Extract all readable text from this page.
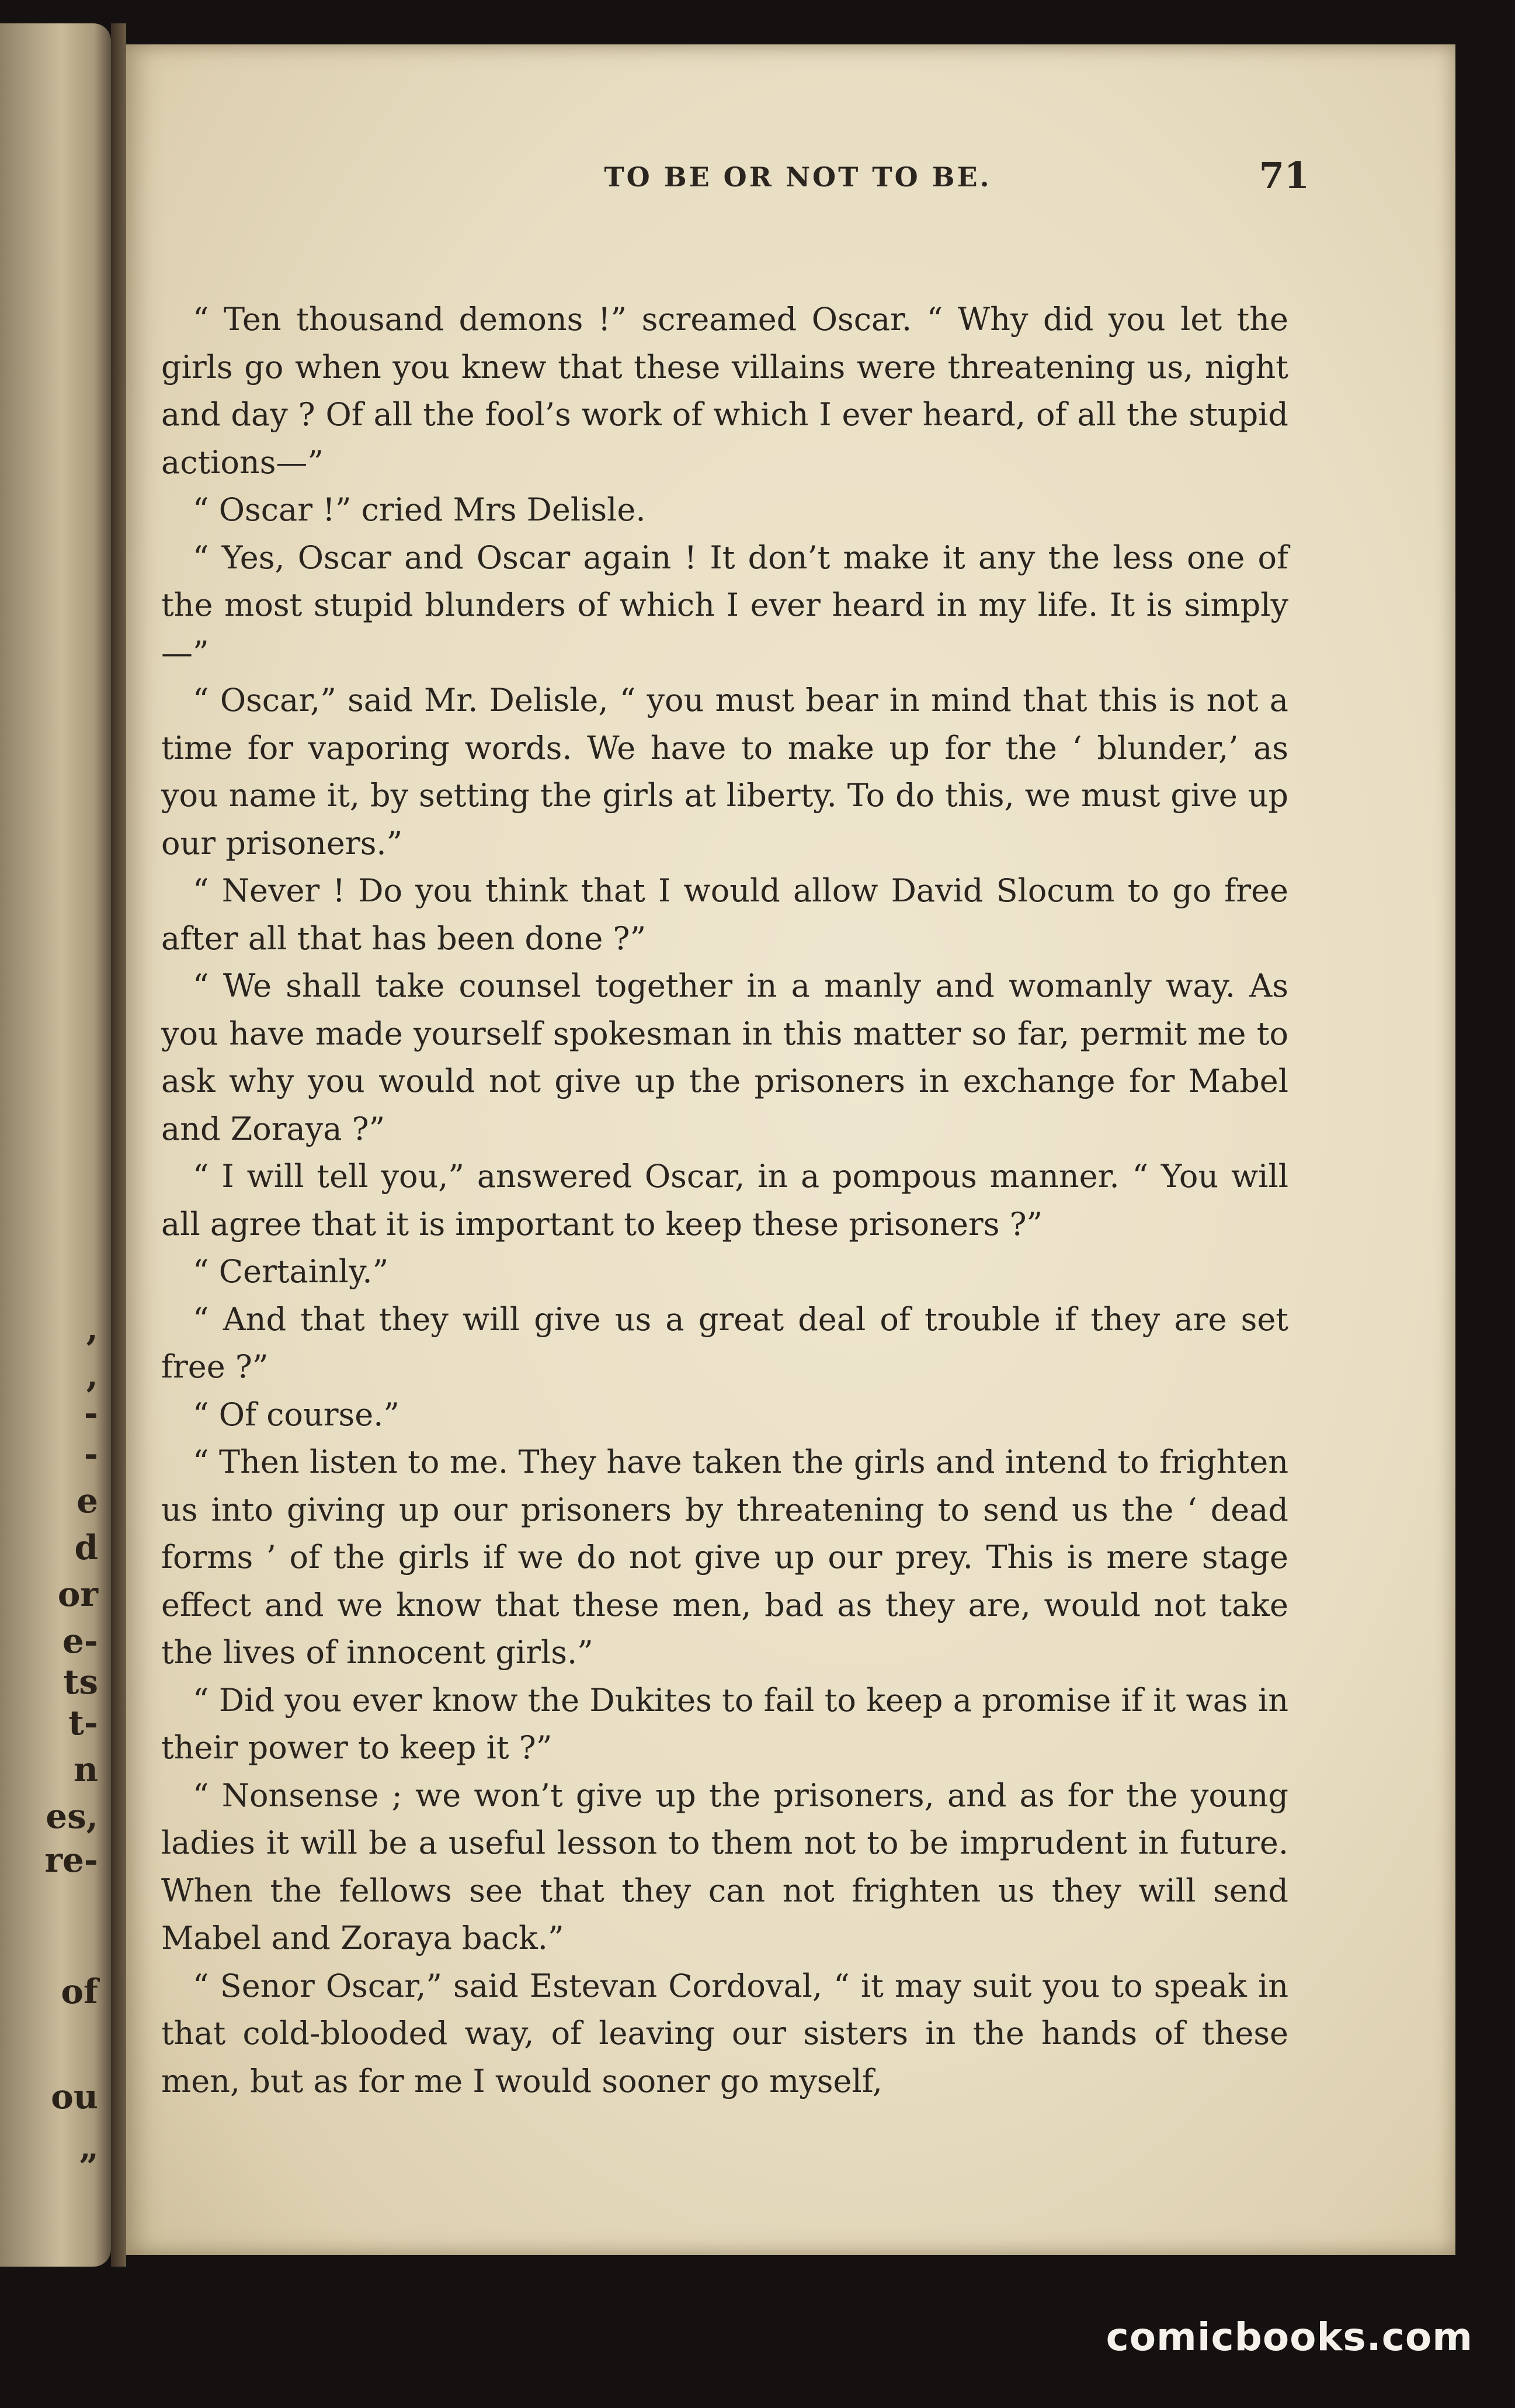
,
,
-
-
e
d
or
e-
ts
t-
n
es,
re-
of
ou
”
TO BE OR NOT TO BE.	71

“ Ten thousand demons !” screamed Oscar. “ Why did you let the girls go when you knew that these villains were threatening us, night and day ? Of all the fool’s work of which I ever heard, of all the stupid actions—”

“ Oscar !” cried Mrs Delisle.

“ Yes, Oscar and Oscar again ! It don’t make it any the less one of the most stupid blunders of which I ever heard in my life. It is simply—”

“ Oscar,” said Mr. Delisle, “ you must bear in mind that this is not a time for vaporing words. We have to make up for the ‘ blunder,’ as you name it, by setting the girls at liberty. To do this, we must give up our prisoners.”

“ Never ! Do you think that I would allow David Slocum to go free after all that has been done ?”

“ We shall take counsel together in a manly and womanly way. As you have made yourself spokesman in this matter so far, permit me to ask why you would not give up the prisoners in exchange for Mabel and Zoraya ?”

“ I will tell you,” answered Oscar, in a pompous manner. “ You will all agree that it is important to keep these prisoners ?”

“ Certainly.”

“ And that they will give us a great deal of trouble if they are set free ?”

“ Of course.”

“ Then listen to me. They have taken the girls and intend to frighten us into giving up our prisoners by threatening to send us the ‘ dead forms ’ of the girls if we do not give up our prey. This is mere stage effect and we know that these men, bad as they are, would not take the lives of innocent girls.”

“ Did you ever know the Dukites to fail to keep a promise if it was in their power to keep it ?”

“ Nonsense ; we won’t give up the prisoners, and as for the young ladies it will be a useful lesson to them not to be imprudent in future. When the fellows see that they can not frighten us they will send Mabel and Zoraya back.”

“ Senor Oscar,” said Estevan Cordoval, “ it may suit you to speak in that cold-blooded way, of leaving our sisters in the hands of these men, but as for me I would sooner go myself,

comicbooks.com
